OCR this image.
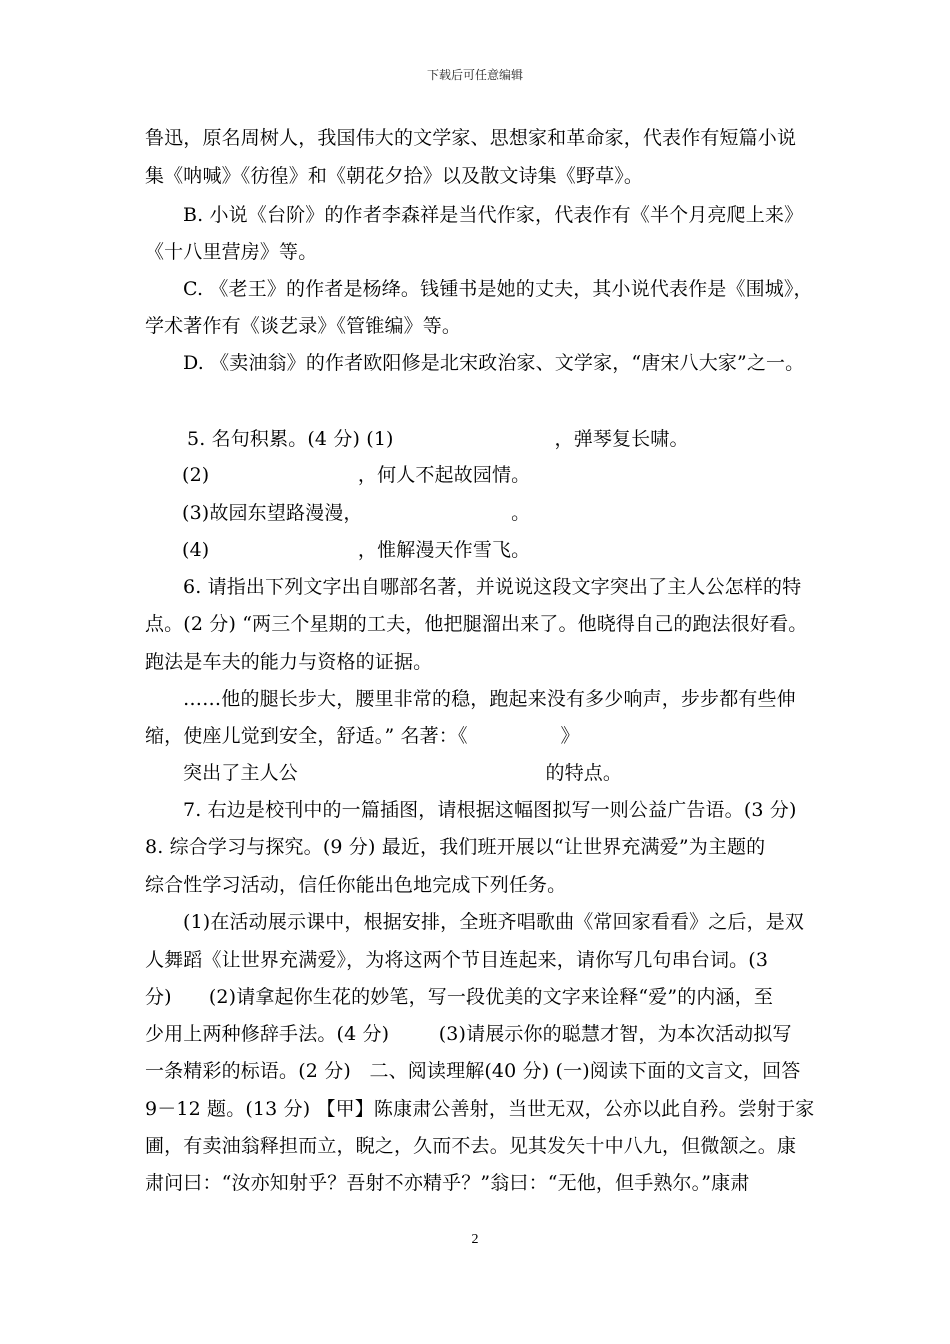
下载后可任意编辑
鲁迅，原名周树人，我国伟大的文学家、思想家和革命家，代表作有短篇小说
集《呐喊》《彷徨》和《朝花夕拾》以及散文诗集《野草》。
B. 小说《台阶》的作者李森祥是当代作家，代表作有《半个月亮爬上来》
《十八里营房》等。
C. 《老王》的作者是杨绛。钱锺书是她的丈夫，其小说代表作是《围城》，
学术著作有《谈艺录》《管锥编》等。
D. 《卖油翁》的作者欧阳修是北宋政治家、文学家，“唐宋八大家”之一。
5. 名句积累。(4 分) (1)                          ，弹琴复长啸。
(2)                        ，何人不起故园情。
(3)故园东望路漫漫，                        。
(4)                        ，惟解漫天作雪飞。
6. 请指出下列文字出自哪部名著，并说说这段文字突出了主人公怎样的特
点。(2 分) “两三个星期的工夫，他把腿溜出来了。他晓得自己的跑法很好看。
跑法是车夫的能力与资格的证据。
……他的腿长步大，腰里非常的稳，跑起来没有多少响声，步步都有些伸
缩，使座儿觉到安全，舒适。” 名著：《               》
突出了主人公                                        的特点。
7. 右边是校刊中的一篇插图，请根据这幅图拟写一则公益广告语。(3 分)
8. 综合学习与探究。(9 分) 最近，我们班开展以“让世界充满爱”为主题的
综合性学习活动，信任你能出色地完成下列任务。
(1)在活动展示课中，根据安排，全班齐唱歌曲《常回家看看》之后，是双
人舞蹈《让世界充满爱》，为将这两个节目连起来，请你写几句串台词。(3
分)      (2)请拿起你生花的妙笔，写一段优美的文字来诠释“爱”的内涵，至
少用上两种修辞手法。(4 分)        (3)请展示你的聪慧才智，为本次活动拟写
一条精彩的标语。(2 分)   二、阅读理解(40 分) (一)阅读下面的文言文，回答
9－12 题。(13 分) 【甲】陈康肃公善射，当世无双，公亦以此自矜。尝射于家
圃，有卖油翁释担而立，睨之，久而不去。见其发矢十中八九，但微颔之。康
肃问曰：“汝亦知射乎？吾射不亦精乎？”翁曰：“无他，但手熟尔。”康肃
2
